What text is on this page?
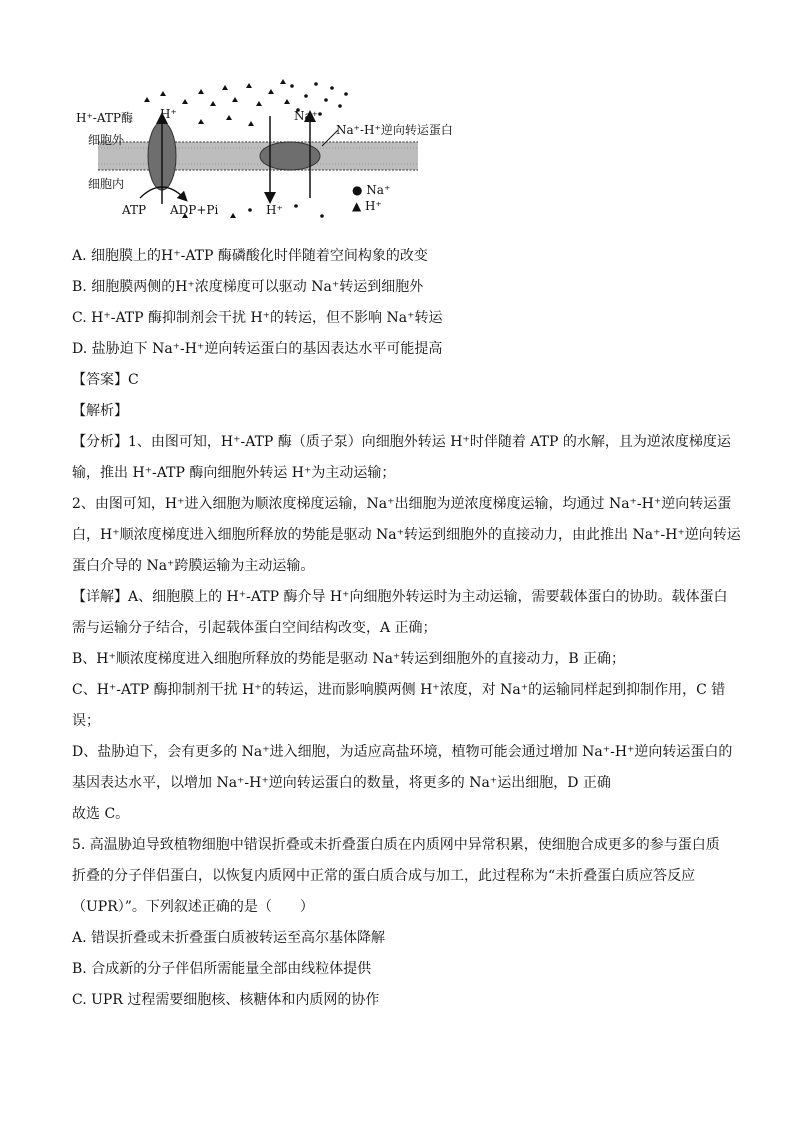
H⁺-ATP酶 H⁺	Na⁺
Na⁺-H⁺逆向转运蛋白
细胞外
细胞内
ATP ADP+Pi	H⁺
● Na⁺
▲ H⁺
A. 细胞膜上的H⁺-ATP 酶磷酸化时伴随着空间构象的改变
B. 细胞膜两侧的H⁺浓度梯度可以驱动 Na⁺转运到细胞外
C. H⁺-ATP 酶抑制剂会干扰 H⁺的转运，但不影响 Na⁺转运
D. 盐胁迫下 Na⁺-H⁺逆向转运蛋白的基因表达水平可能提高
【答案】C
【解析】
【分析】1、由图可知，H⁺-ATP 酶（质子泵）向细胞外转运 H⁺时伴随着 ATP 的水解，且为逆浓度梯度运
输，推出 H⁺-ATP 酶向细胞外转运 H⁺为主动运输；
2、由图可知，H⁺进入细胞为顺浓度梯度运输，Na⁺出细胞为逆浓度梯度运输，均通过 Na⁺-H⁺逆向转运蛋
白，H⁺顺浓度梯度进入细胞所释放的势能是驱动 Na⁺转运到细胞外的直接动力，由此推出 Na⁺-H⁺逆向转运
蛋白介导的 Na⁺跨膜运输为主动运输。
【详解】A、细胞膜上的 H⁺-ATP 酶介导 H⁺向细胞外转运时为主动运输，需要载体蛋白的协助。载体蛋白
需与运输分子结合，引起载体蛋白空间结构改变，A 正确；
B、H⁺顺浓度梯度进入细胞所释放的势能是驱动 Na⁺转运到细胞外的直接动力，B 正确；
C、H⁺-ATP 酶抑制剂干扰 H⁺的转运，进而影响膜两侧 H⁺浓度，对 Na⁺的运输同样起到抑制作用，C 错
误；
D、盐胁迫下，会有更多的 Na⁺进入细胞，为适应高盐环境，植物可能会通过增加 Na⁺-H⁺逆向转运蛋白的
基因表达水平，以增加 Na⁺-H⁺逆向转运蛋白的数量，将更多的 Na⁺运出细胞，D 正确
故选 C。
5. 高温胁迫导致植物细胞中错误折叠或未折叠蛋白质在内质网中异常积累，使细胞合成更多的参与蛋白质
折叠的分子伴侣蛋白，以恢复内质网中正常的蛋白质合成与加工，此过程称为“未折叠蛋白质应答反应
（UPR）”。下列叙述正确的是（　　）
A. 错误折叠或未折叠蛋白质被转运至高尔基体降解
B. 合成新的分子伴侣所需能量全部由线粒体提供
C. UPR 过程需要细胞核、核糖体和内质网的协作
